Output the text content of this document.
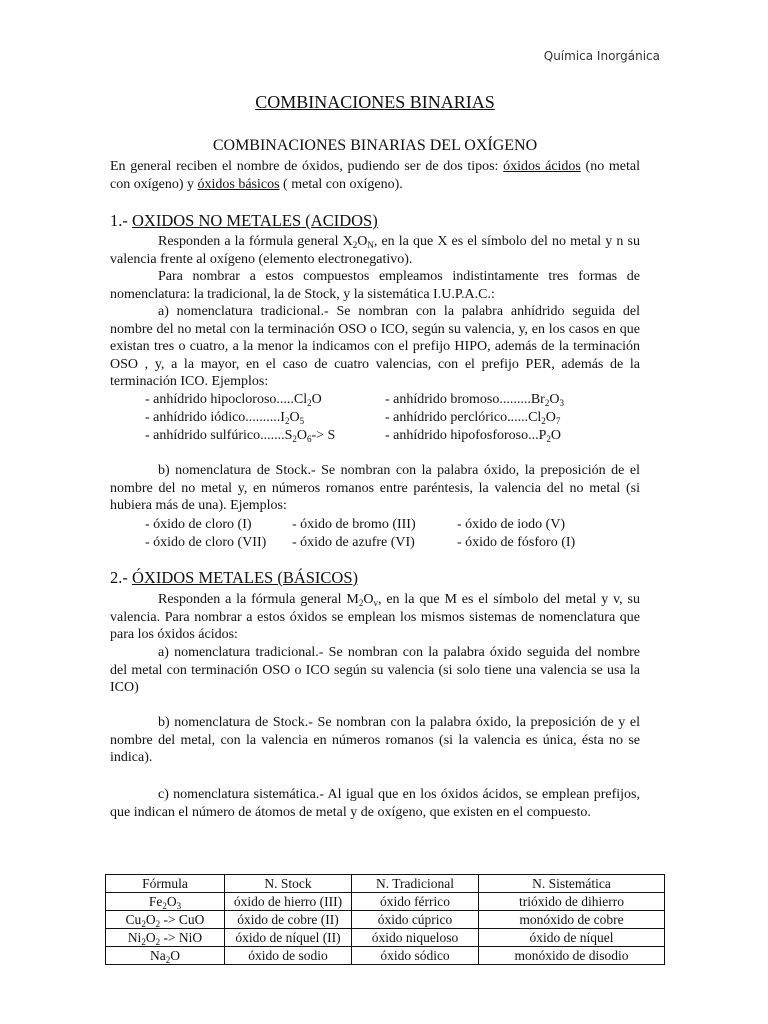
Química Inorgánica
COMBINACIONES BINARIAS
COMBINACIONES BINARIAS DEL OXÍGENO
En general reciben el nombre de óxidos, pudiendo ser de dos tipos: óxidos ácidos (no metal con oxígeno) y óxidos básicos ( metal con oxígeno).
1.- OXIDOS NO METALES (ACIDOS)
Responden a la fórmula general $X_2O_N$, en la que X es el símbolo del no metal y n su valencia frente al oxígeno (elemento electronegativo).
Para nombrar a estos compuestos empleamos indistintamente tres formas de nomenclatura: la tradicional, la de Stock, y la sistemática I.U.P.A.C.:
a) nomenclatura tradicional.- Se nombran con la palabra anhídrido seguida del nombre del no metal con la terminación OSO o ICO, según su valencia, y, en los casos en que existan tres o cuatro, a la menor la indicamos con el prefijo HIPO, además de la terminación OSO , y, a la mayor, en el caso de cuatro valencias, con el prefijo PER, además de la terminación ICO. Ejemplos:
- anhídrido $hipocloroso.....Cl_2O$	- anhídrido $bromoso.........Br_2O_3$
- anhídrido $iódico..........I_2O_5$	- anhídrido $perclórico......Cl_2O_7$
- anhídrido $sulfúrico.......S_2O_6-> S$	- anhídrido $hipofosforoso...P_2O$
b) nomenclatura de Stock.- Se nombran con la palabra óxido, la preposición de el nombre del no metal y, en números romanos entre paréntesis, la valencia del no metal (si hubiera más de una). Ejemplos:
- óxido de cloro (I)	- óxido de bromo (III)	- óxido de iodo (V)
- óxido de cloro (VII) - óxido de azufre (VI)	- óxido de fósforo (I)
2.- ÓXIDOS METALES (BÁSICOS)
Responden a la fórmula general $M_2O_v$, en la que M es el símbolo del metal y v, su valencia. Para nombrar a estos óxidos se emplean los mismos sistemas de nomenclatura que para los óxidos ácidos:
a) nomenclatura tradicional.- Se nombran con la palabra óxido seguida del nombre del metal con terminación OSO o ICO según su valencia (si solo tiene una valencia se usa la ICO)
b) nomenclatura de Stock.- Se nombran con la palabra óxido, la preposición de y el nombre del metal, con la valencia en números romanos (si la valencia es única, ésta no se indica).
c) nomenclatura sistemática.- Al igual que en los óxidos ácidos, se emplean prefijos, que indican el número de átomos de metal y de oxígeno, que existen en el compuesto.
Fórmula	N. Stock	N. Tradicional	N. Sistemática
$Fe_2O_3$	óxido de hierro (III)	óxido férrico	trióxido de dihierro
$Cu_2O_2$ -> CuO	óxido de cobre (II)	óxido cúprico	monóxido de cobre
$Ni_2O_2$ -> NiO	óxido de níquel (II)	óxido niqueloso	óxido de níquel
$Na_2O$	óxido de sodio	óxido sódico	monóxido de disodio
